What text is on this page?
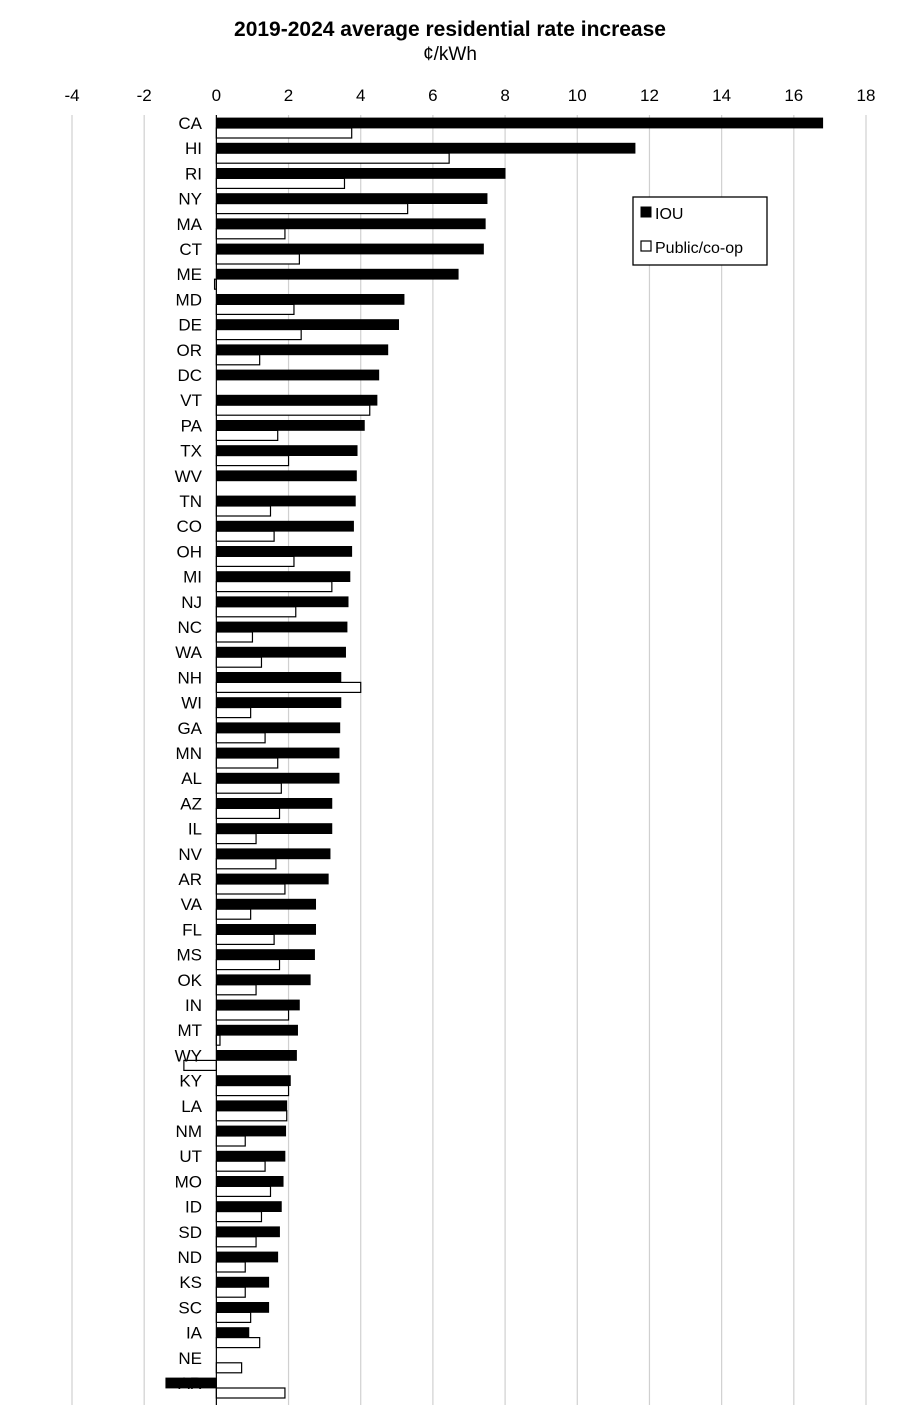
2019-2024 average residential rate increase
¢/kWh
-4	-2	0	2	4	6	8	10	12	14	16	18
CA
HI
RI
NY
MA
CT
ME
MD
DE
OR
DC
VT
PA
TX
WV
TN
CO
OH
MI
NJ
NC
WA
NH
WI
GA
MN
AL
AZ
IL
NV
AR
VA
FL
MS
OK
IN
MT
WY
KY
LA
NM
UT
MO
ID
SD
ND
KS
SC
IA
NE
AR
IOU
Public/co-op
